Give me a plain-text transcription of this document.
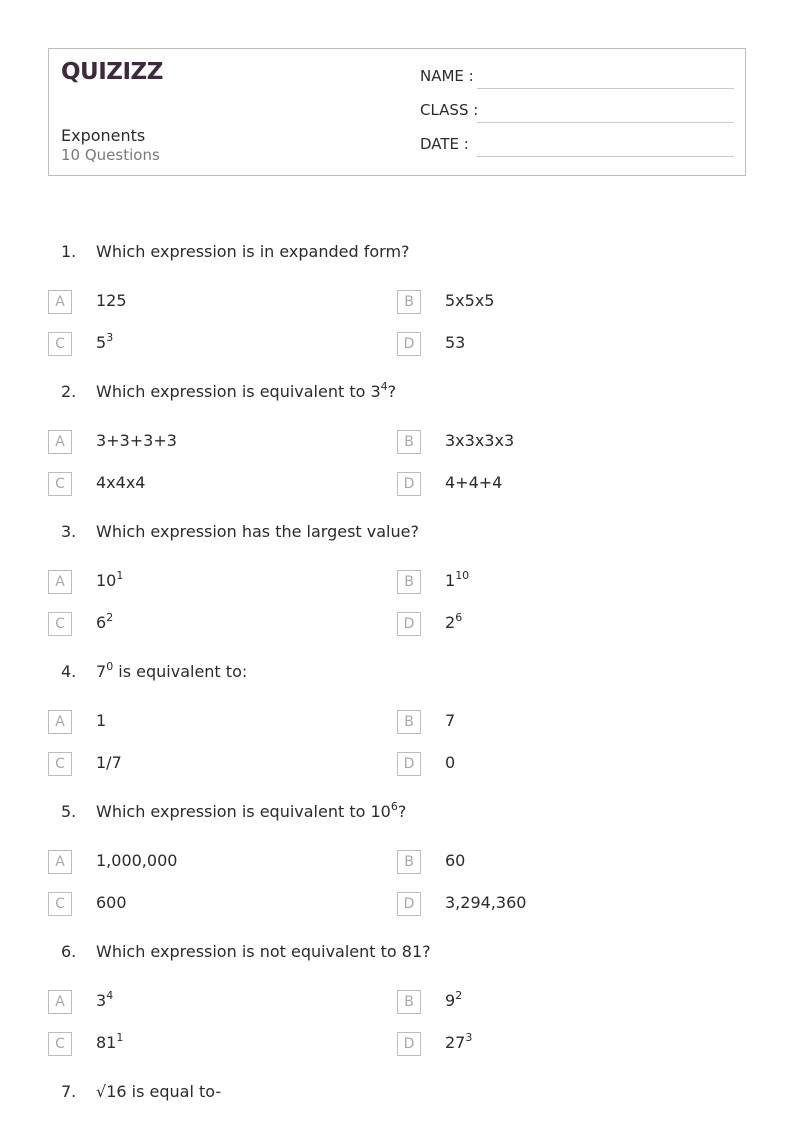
QUIZIZZ
Exponents
10 Questions
NAME :
CLASS :
DATE :
1. Which expression is in expanded form?
A	125	B	5x5x5
C	$5^3$	D	53
2. Which expression is equivalent to $3^4$?
A	3+3+3+3	B	3x3x3x3
C	4x4x4	D	4+4+4
3. Which expression has the largest value?
A	$10^1$	B	$1^{10}$
C	$6^2$	D	$2^6$
4. $7^0$ is equivalent to:
A	1	B	7
C	1/7	D	0
5. Which expression is equivalent to $10^6$?
A	1,000,000	B	60
C	600	D	3,294,360
6. Which expression is not equivalent to 81?
A	$3^4$	B	$9^2$
C	$81^1$	D	$27^3$
7. √16 is equal to-
